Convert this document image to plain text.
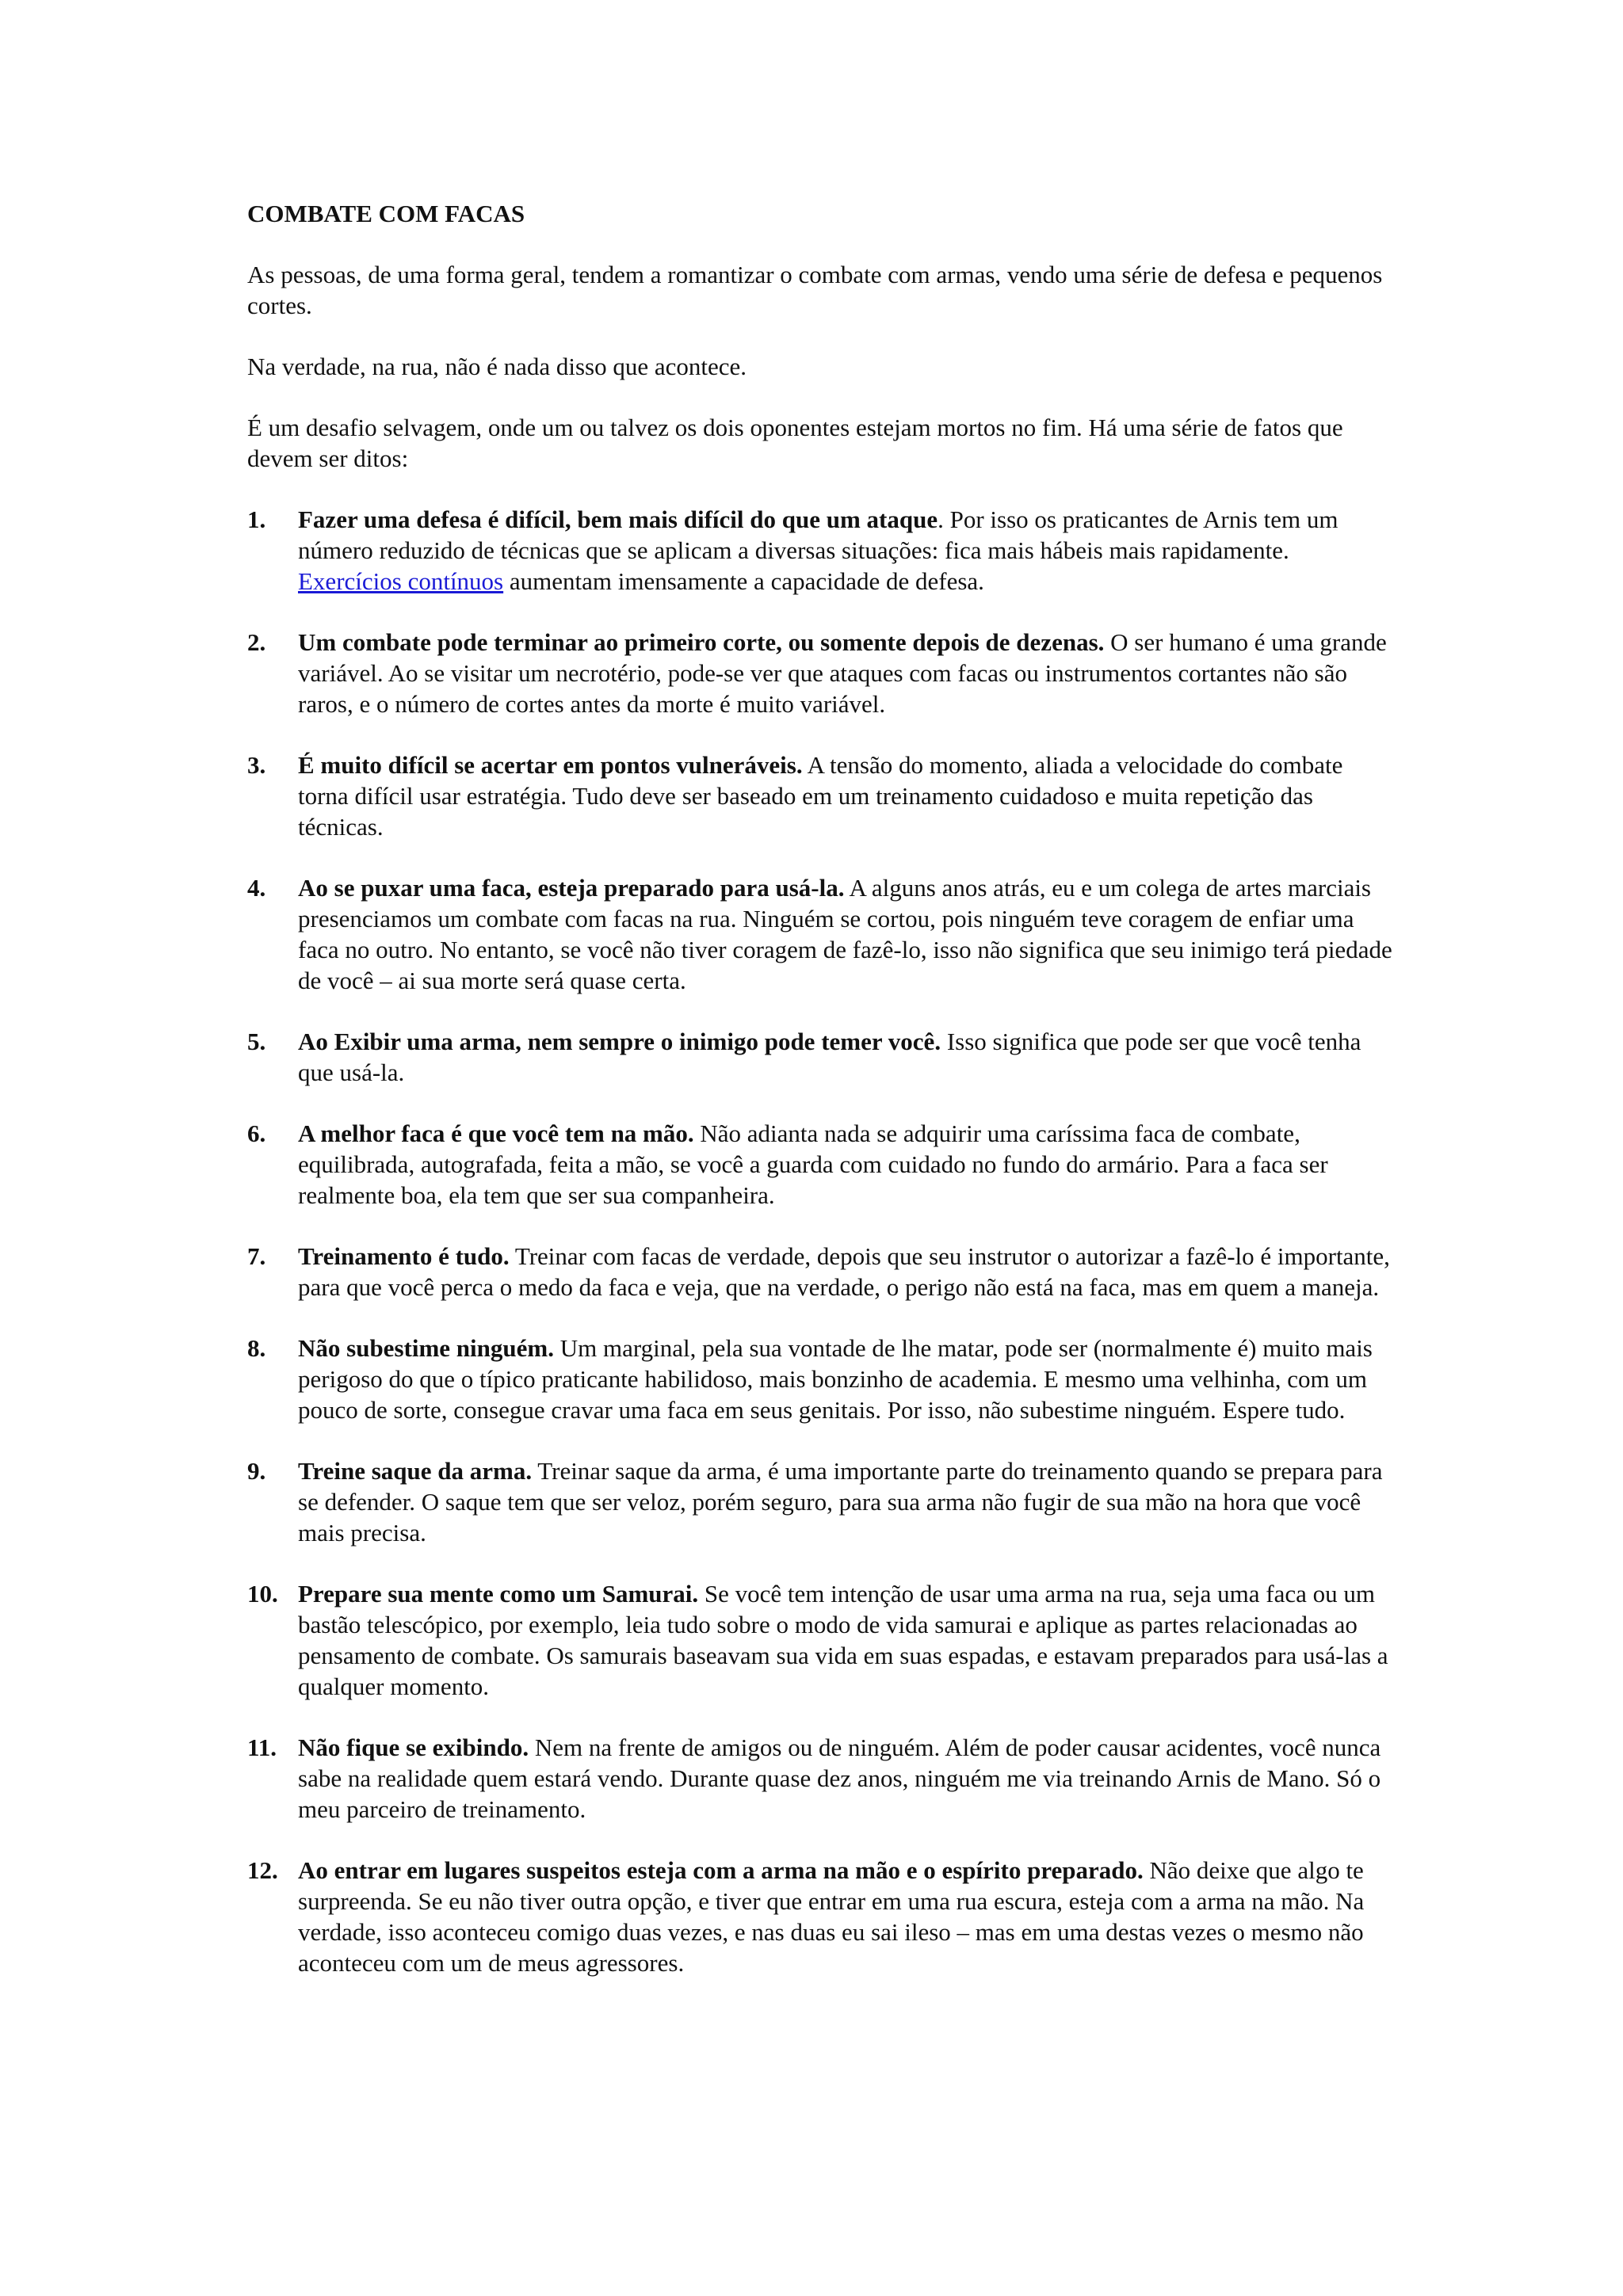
COMBATE COM FACAS

As pessoas, de uma forma geral, tendem a romantizar o combate com armas, vendo uma série de defesa e pequenos cortes.

Na verdade, na rua, não é nada disso que acontece.

É um desafio selvagem, onde um ou talvez os dois oponentes estejam mortos no fim. Há uma série de fatos que devem ser ditos:

1. Fazer uma defesa é difícil, bem mais difícil do que um ataque. Por isso os praticantes de Arnis tem um número reduzido de técnicas que se aplicam a diversas situações: fica mais hábeis mais rapidamente. Exercícios contínuos aumentam imensamente a capacidade de defesa.
2. Um combate pode terminar ao primeiro corte, ou somente depois de dezenas. O ser humano é uma grande variável. Ao se visitar um necrotério, pode-se ver que ataques com facas ou instrumentos cortantes não são raros, e o número de cortes antes da morte é muito variável.
3. É muito difícil se acertar em pontos vulneráveis. A tensão do momento, aliada a velocidade do combate torna difícil usar estratégia. Tudo deve ser baseado em um treinamento cuidadoso e muita repetição das técnicas.
4. Ao se puxar uma faca, esteja preparado para usá-la. A alguns anos atrás, eu e um colega de artes marciais presenciamos um combate com facas na rua. Ninguém se cortou, pois ninguém teve coragem de enfiar uma faca no outro. No entanto, se você não tiver coragem de fazê-lo, isso não significa que seu inimigo terá piedade de você – ai sua morte será quase certa.
5. Ao Exibir uma arma, nem sempre o inimigo pode temer você. Isso significa que pode ser que você tenha que usá-la.
6. A melhor faca é que você tem na mão. Não adianta nada se adquirir uma caríssima faca de combate, equilibrada, autografada, feita a mão, se você a guarda com cuidado no fundo do armário. Para a faca ser realmente boa, ela tem que ser sua companheira.
7. Treinamento é tudo. Treinar com facas de verdade, depois que seu instrutor o autorizar a fazê-lo é importante, para que você perca o medo da faca e veja, que na verdade, o perigo não está na faca, mas em quem a maneja.
8. Não subestime ninguém. Um marginal, pela sua vontade de lhe matar, pode ser (normalmente é) muito mais perigoso do que o típico praticante habilidoso, mais bonzinho de academia. E mesmo uma velhinha, com um pouco de sorte, consegue cravar uma faca em seus genitais. Por isso, não subestime ninguém. Espere tudo.
9. Treine saque da arma. Treinar saque da arma, é uma importante parte do treinamento quando se prepara para se defender. O saque tem que ser veloz, porém seguro, para sua arma não fugir de sua mão na hora que você mais precisa.
10. Prepare sua mente como um Samurai. Se você tem intenção de usar uma arma na rua, seja uma faca ou um bastão telescópico, por exemplo, leia tudo sobre o modo de vida samurai e aplique as partes relacionadas ao pensamento de combate. Os samurais baseavam sua vida em suas espadas, e estavam preparados para usá-las a qualquer momento.
11. Não fique se exibindo. Nem na frente de amigos ou de ninguém. Além de poder causar acidentes, você nunca sabe na realidade quem estará vendo. Durante quase dez anos, ninguém me via treinando Arnis de Mano. Só o meu parceiro de treinamento.
12. Ao entrar em lugares suspeitos esteja com a arma na mão e o espírito preparado. Não deixe que algo te surpreenda. Se eu não tiver outra opção, e tiver que entrar em uma rua escura, esteja com a arma na mão. Na verdade, isso aconteceu comigo duas vezes, e nas duas eu sai ileso – mas em uma destas vezes o mesmo não aconteceu com um de meus agressores.
